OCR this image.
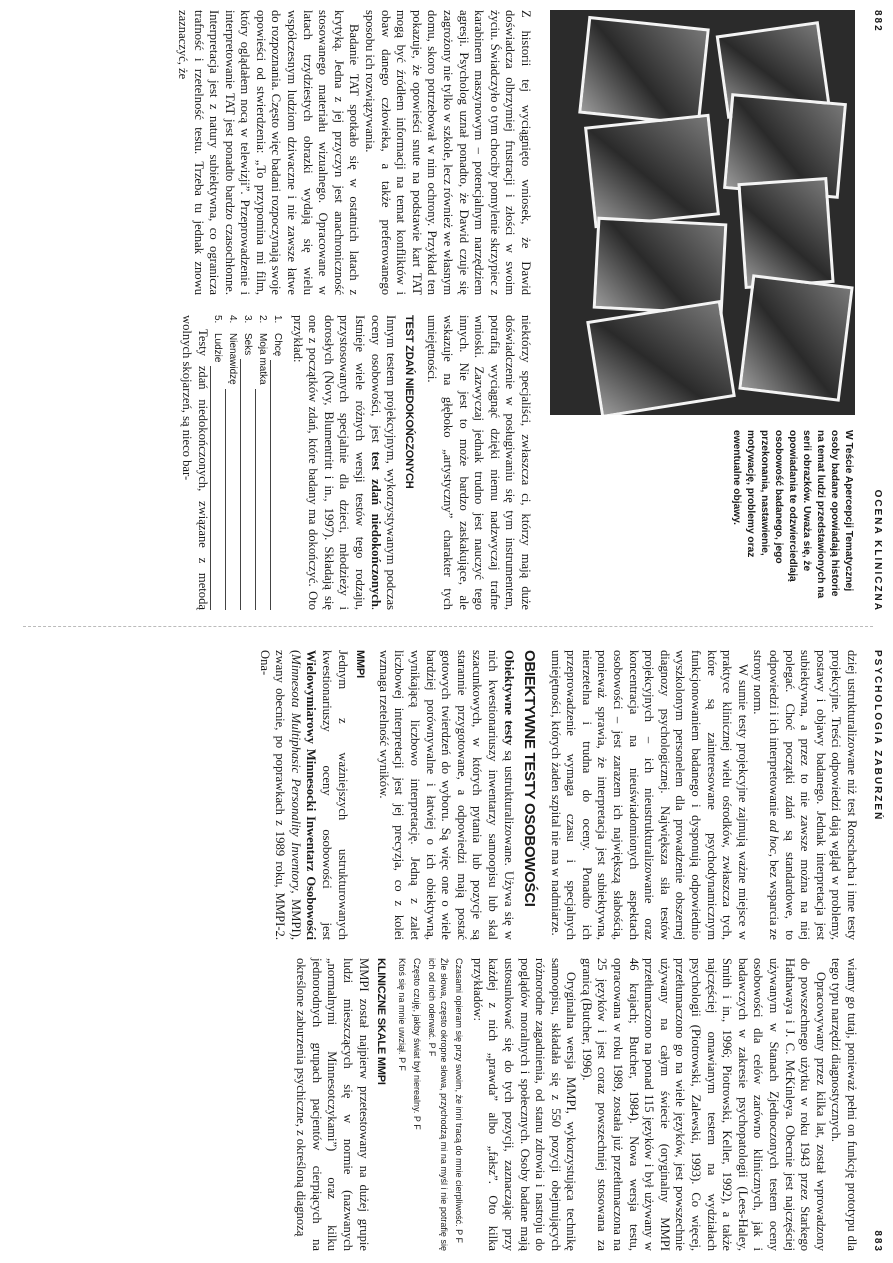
882
OCENA KLINICZNA
W Teście Apercepcji Tematycznej osoby badane opowiadają historie na temat ludzi przedstawionych na serii obrazków. Uważa się, że opowiadania te odzwierciedlają osobowość badanego, jego przekonania, nastawienie, motywację, problemy oraz ewentualne objawy.

Z historii tej wyciągnięto wniosek, że Dawid doświadcza olbrzymiej frustracji i złości w swoim życiu. Świadczyło o tym chociby pomylenie skrzypiec z karabinem maszynowym – potencjalnym narzędziem agresji. Psycholog uznał ponadto, że Dawid czuje się zagrożony nie tylko w szkole, lecz również we własnym domu, skoro potrzebował w nim ochrony. Przykład ten pokazuje, że opowieści snute na podstawie kart TAT mogą być źródłem informacji na temat konfliktów i obaw danego człowieka, a także preferowanego sposobu ich rozwiązywania.

Badanie TAT spotkało się w ostatnich latach z krytyką. Jedna z jej przyczyn jest anachroniczność stosowanego materiału wizualnego. Opracowane w latach trzydziestych obrazki wydają się wielu współczesnym ludziom dziwaczne i nie zawsze łatwe do rozpoznania. Często więc badani rozpoczynają swoje opowieści od stwierdzenia: „To przypomina mi film, który oglądałem nocą w telewizji”. Przeprowadzenie i interpretowanie TAT jest ponadto bardzo czasochłonne. Interpretacja jest z natury subiektywna, co ogranicza trafność i rzetelność testu. Trzeba tu jednak znowu zaznaczyć, że

niektórzy specjaliści, zwłaszcza ci, którzy mają duże doświadczenie w posługiwaniu się tym instrumentem, potrafią wyciągnąć dzięki niemu nadzwyczaj trafne wnioski. Zazwyczaj jednak trudno jest nauczyć tego innych. Nie jest to może bardzo zaskakujące, ale wskazuje na głęboko „artystyczny” charakter tych umiejętności.

TEST ZDAŃ NIEDOKOŃCZONYCH

Innym testem projekcyjnym, wykorzystywanym podczas oceny osobowości, jest test zdań niedokończonych. Istnieje wiele różnych wersji testów tego rodzaju, przystosowanych specjalnie dla dzieci, młodzieży i dorosłych (Novy, Blumentritt i in., 1997). Składają się one z początków zdań, które badany ma dokończyć. Oto przykład:

1.
Chcę
2.
Moja matka
3.
Seks
4.
Nienawidzę
5.
Ludzie

Testy zdań niedokończonych, związane z metodą wolnych skojarzeń, są nieco bar-

PSYCHOLOGIA ZABURZEŃ
883

dziej ustrukturalizowane niż test Rorschacha i inne testy projekcyjne. Treści odpowiedzi dają wgląd w problemy, postawy i objawy badanego. Jednak interpretacja jest subiektywna, a przez to nie zawsze można na niej polegać. Choć początki zdań są standardowe, to odpowiedzi i ich interpretowanie ad hoc, bez wsparcia ze strony norm.

W sumie testy projekcyjne zajmują ważne miejsce w praktyce klinicznej wielu ośrodków, zwłaszcza tych, które są zainteresowane psychodynamicznym funkcjonowaniem badanego i dysponują odpowiednio wyszkolonym personelem dla prowadzenie obszernej diagnozy psychologicznej. Największa siła testów projekcyjnych – ich nieustrukturalizowanie oraz koncentracja na nieuświadomionych aspektach osobowości – jest zarazem ich największą słabością, ponieważ sprawia, że interpretacja jest subiektywna, nierzetelna i trudna do oceny. Ponadto ich przeprowadzenie wymaga czasu i specjalnych umiejętności, których żaden szpital nie ma w nadmiarze.

OBIEKTYWNE TESTY OSOBOWOŚCI

Obiektywne testy są ustrukturalizowane. Używa się w nich kwestionariuszy inwentarzy samoopisu lub skal szacunkowych, w których pytania lub pozycje są starannie przygotowane, a odpowiedzi mają postać gotowych twierdzeń do wyboru. Są więc one o wiele bardziej porównywalne i łatwiej o ich obiektywną, wynikającą liczbowo interpretację. Jedną z zalet liczbowej interpretacji jest jej precyzja, co z kolei wzmaga rzetelność wyników.

MMPI

Jednym z ważniejszych ustrukturowanych kwestionariuszy oceny osobowości jest Wielowymiarowy Minnesocki Inwentarz Osobowości (Minnesota Multiphasic Personality Inventory, MMPI), zwany obecnie, po poprawkach z 1989 roku, MMPI-2. Ona-

wiamy go tutaj, ponieważ pełni on funkcję prototypu dla tego typu narzędzi diagnostycznych.

Opracowywany przez kilka lat, został wprowadzony do powszechnego użytku w roku 1943 przez Starkego Hathawaya i J. C. McKinleya. Obecnie jest najczęściej używanym w Stanach Zjednoczonych testem oceny osobowości dla celów zarówno klinicznych, jak i badawczych w zakresie psychopatologii (Lees-Haley, Smith i in., 1996; Piotrowski, Keller, 1992), a także najczęściej omawianym testem na wydziałach psychologii (Piotrowski, Zalewski, 1993). Co więcej, przetłumaczono go na wiele języków, jest powszechnie używany na całym świecie (oryginalny MMPI przetłumaczono na ponad 115 języków i był używany w 46 krajach; Butcher, 1984). Nowa wersja testu, opracowana w roku 1989, została już przetłumaczona na 25 języków i jest coraz powszechniej stosowana za granicą (Butcher, 1996).

Oryginalna wersja MMPI, wykorzystująca technikę samoopisu, składała się z 550 pozycji obejmujących różnorodne zagadnienia, od stanu zdrowia i nastroju do poglądów moralnych i społecznych. Osoby badane mają ustosunkować się do tych pozycji, zaznaczając przy każdej z nich „prawda” albo „fałsz”. Oto kilka przykładów:

Czasami opieram się przy swoim, że inni tracą do mnie cierpliwość. P F
Źle słowa, często okropne słowa, przychodzą mi na myśl i nie potrafię się ich od nich oderwać. P F
Często czuję, jakby świat był nierealny. P F
Ktoś się na mnie uwziął. P F
KLINICZNE SKALE MMPI

MMPI został najpierw przetestowany na dużej grupie ludzi mieszczących się w normie (nazwanych „normalnymi Minnesotczykami”) oraz kilku jednorodnych grupach pacjentów cierpiących na określone zaburzenia psychiczne, z określoną diagnozą
